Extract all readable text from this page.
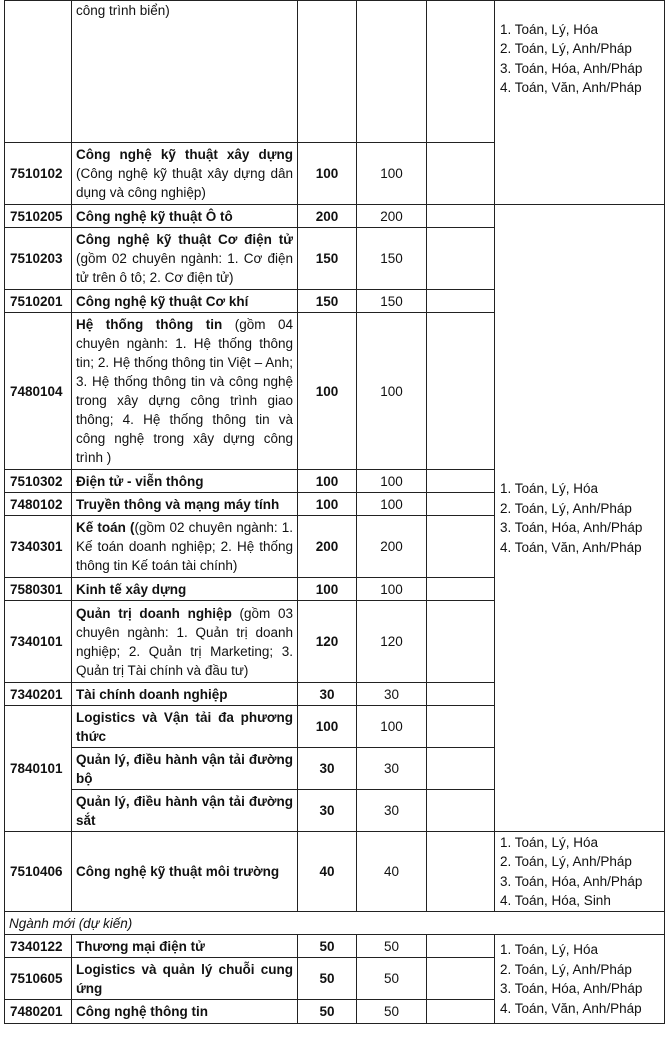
	công trình biển)				1. Toán, Lý, Hóa
2. Toán, Lý, Anh/Pháp
3. Toán, Hóa, Anh/Pháp
4. Toán, Văn, Anh/Pháp

7510102	Công nghệ kỹ thuật xây dựng (Công nghệ kỹ thuật xây dựng dân dụng và công nghiệp)	100	100		
7510205	Công nghệ kỹ thuật Ô tô	200	200		1. Toán, Lý, Hóa
2. Toán, Lý, Anh/Pháp
3. Toán, Hóa, Anh/Pháp
4. Toán, Văn, Anh/Pháp

7510203	Công nghệ kỹ thuật Cơ điện tử (gồm 02 chuyên ngành: 1. Cơ điện tử trên ô tô; 2. Cơ điện tử)	150	150		
7510201	Công nghệ kỹ thuật Cơ khí	150	150		
7480104	Hệ thống thông tin (gồm 04 chuyên ngành: 1. Hệ thống thông tin; 2. Hệ thống thông tin Việt – Anh; 3. Hệ thống thông tin và công nghệ trong xây dựng công trình giao thông; 4. Hệ thống thông tin và công nghệ trong xây dựng công trình )	100	100		
7510302	Điện tử - viễn thông	100	100		
7480102	Truyền thông và mạng máy tính	100	100		
7340301	Kế toán ((gồm 02 chuyên ngành: 1. Kế toán doanh nghiệp; 2. Hệ thống thông tin Kế toán tài chính)	200	200		
7580301	Kinh tế xây dựng	100	100		
7340101	Quản trị doanh nghiệp (gồm 03 chuyên ngành: 1. Quản trị doanh nghiệp; 2. Quản trị Marketing; 3. Quản trị Tài chính và đầu tư)	120	120		
7340201	Tài chính doanh nghiệp	30	30		
7840101	Logistics và Vận tải đa phương thức	100	100		
	Quản lý, điều hành vận tải đường bộ	30	30		
	Quản lý, điều hành vận tải đường sắt	30	30		
7510406	Công nghệ kỹ thuật môi trường	40	40		1. Toán, Lý, Hóa
2. Toán, Lý, Anh/Pháp
3. Toán, Hóa, Anh/Pháp
4. Toán, Hóa, Sinh

Ngành mới (dự kiến)					
7340122	Thương mại điện tử	50	50		1. Toán, Lý, Hóa
2. Toán, Lý, Anh/Pháp
3. Toán, Hóa, Anh/Pháp
4. Toán, Văn, Anh/Pháp

7510605	Logistics và quản lý chuỗi cung ứng	50	50		
7480201	Công nghệ thông tin	50	50		
